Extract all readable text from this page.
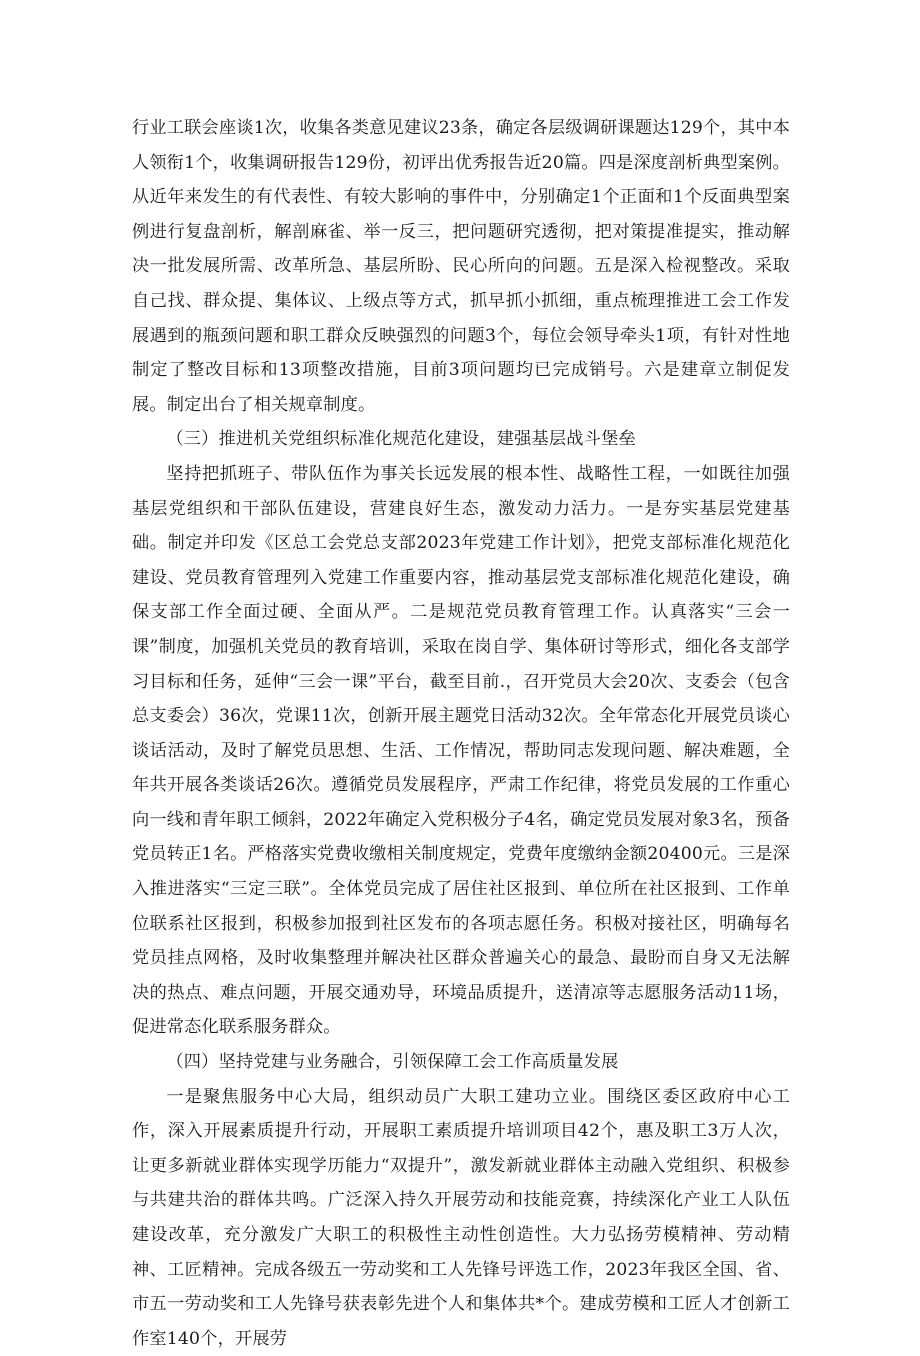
行业工联会座谈1次，收集各类意见建议23条，确定各层级调研课题达129个，其中本人领衔1个，收集调研报告129份，初评出优秀报告近20篇。四是深度剖析典型案例。从近年来发生的有代表性、有较大影响的事件中，分别确定1个正面和1个反面典型案例进行复盘剖析，解剖麻雀、举一反三，把问题研究透彻，把对策提准提实，推动解决一批发展所需、改革所急、基层所盼、民心所向的问题。五是深入检视整改。采取自己找、群众提、集体议、上级点等方式，抓早抓小抓细，重点梳理推进工会工作发展遇到的瓶颈问题和职工群众反映强烈的问题3个，每位会领导牵头1项，有针对性地制定了整改目标和13项整改措施，目前3项问题均已完成销号。六是建章立制促发展。制定出台了相关规章制度。

（三）推进机关党组织标准化规范化建设，建强基层战斗堡垒

坚持把抓班子、带队伍作为事关长远发展的根本性、战略性工程，一如既往加强基层党组织和干部队伍建设，营建良好生态，激发动力活力。一是夯实基层党建基础。制定并印发《区总工会党总支部2023年党建工作计划》，把党支部标准化规范化建设、党员教育管理列入党建工作重要内容，推动基层党支部标准化规范化建设，确保支部工作全面过硬、全面从严。二是规范党员教育管理工作。认真落实“三会一课”制度，加强机关党员的教育培训，采取在岗自学、集体研讨等形式，细化各支部学习目标和任务，延伸“三会一课”平台，截至目前.，召开党员大会20次、支委会（包含总支委会）36次，党课11次，创新开展主题党日活动32次。全年常态化开展党员谈心谈话活动，及时了解党员思想、生活、工作情况，帮助同志发现问题、解决难题，全年共开展各类谈话26次。遵循党员发展程序，严肃工作纪律，将党员发展的工作重心向一线和青年职工倾斜，2022年确定入党积极分子4名，确定党员发展对象3名，预备党员转正1名。严格落实党费收缴相关制度规定，党费年度缴纳金额20400元。三是深入推进落实“三定三联”。全体党员完成了居住社区报到、单位所在社区报到、工作单位联系社区报到，积极参加报到社区发布的各项志愿任务。积极对接社区，明确每名党员挂点网格，及时收集整理并解决社区群众普遍关心的最急、最盼而自身又无法解决的热点、难点问题，开展交通劝导，环境品质提升，送清凉等志愿服务活动11场，促进常态化联系服务群众。

（四）坚持党建与业务融合，引领保障工会工作高质量发展

一是聚焦服务中心大局，组织动员广大职工建功立业。围绕区委区政府中心工作，深入开展素质提升行动，开展职工素质提升培训项目42个，惠及职工3万人次，让更多新就业群体实现学历能力“双提升”，激发新就业群体主动融入党组织、积极参与共建共治的群体共鸣。广泛深入持久开展劳动和技能竞赛，持续深化产业工人队伍建设改革，充分激发广大职工的积极性主动性创造性。大力弘扬劳模精神、劳动精神、工匠精神。完成各级五一劳动奖和工人先锋号评选工作，2023年我区全国、省、市五一劳动奖和工人先锋号获表彰先进个人和集体共*个。建成劳模和工匠人才创新工作室140个，开展劳
